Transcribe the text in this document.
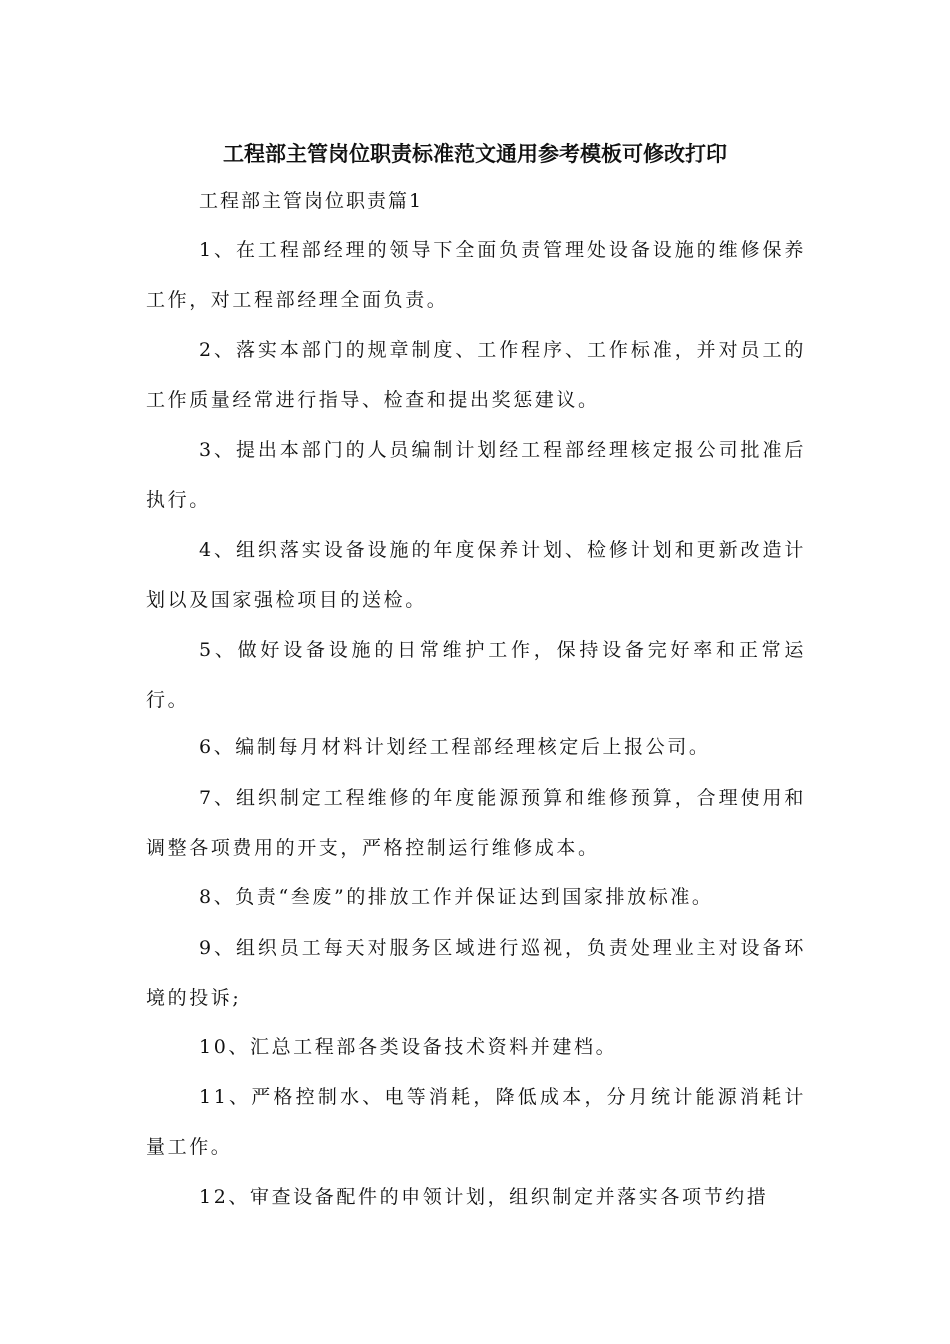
工程部主管岗位职责标准范文通用参考模板可修改打印
工程部主管岗位职责篇1

1、在工程部经理的领导下全面负责管理处设备设施的维修保养工作，对工程部经理全面负责。

2、落实本部门的规章制度、工作程序、工作标准，并对员工的工作质量经常进行指导、检查和提出奖惩建议。

3、提出本部门的人员编制计划经工程部经理核定报公司批准后执行。

4、组织落实设备设施的年度保养计划、检修计划和更新改造计划以及国家强检项目的送检。

5、做好设备设施的日常维护工作，保持设备完好率和正常运行。

6、编制每月材料计划经工程部经理核定后上报公司。

7、组织制定工程维修的年度能源预算和维修预算，合理使用和调整各项费用的开支，严格控制运行维修成本。

8、负责“叁废”的排放工作并保证达到国家排放标准。

9、组织员工每天对服务区域进行巡视，负责处理业主对设备环境的投诉;

10、汇总工程部各类设备技术资料并建档。

11、严格控制水、电等消耗，降低成本，分月统计能源消耗计量工作。

12、审查设备配件的申领计划，组织制定并落实各项节约措
